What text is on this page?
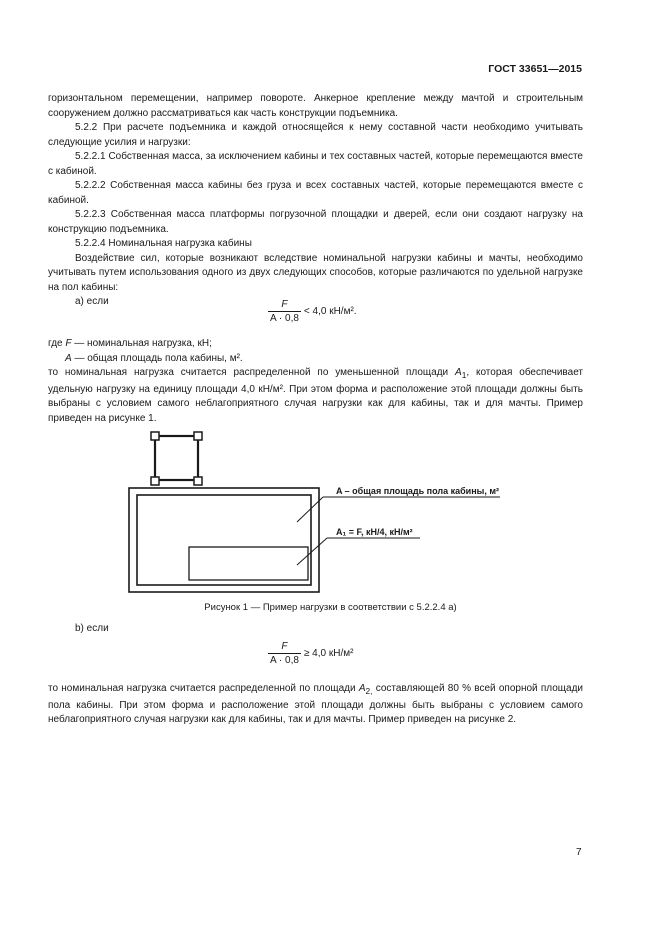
ГОСТ 33651—2015

горизонтальном перемещении, например повороте. Анкерное крепление между мачтой и строительным сооружением должно рассматриваться как часть конструкции подъемника.

5.2.2 При расчете подъемника и каждой относящейся к нему составной части необходимо учитывать следующие усилия и нагрузки:

5.2.2.1 Собственная масса, за исключением кабины и тех составных частей, которые перемещаются вместе с кабиной.

5.2.2.2 Собственная масса кабины без груза и всех составных частей, которые перемещаются вместе с кабиной.

5.2.2.3 Собственная масса платформы погрузочной площадки и дверей, если они создают нагрузку на конструкцию подъемника.

5.2.2.4 Номинальная нагрузка кабины

Воздействие сил, которые возникают вследствие номинальной нагрузки кабины и мачты, необходимо учитывать путем использования одного из двух следующих способов, которые различаются по удельной нагрузке на пол кабины:

а) если	$\frac{F}{A \cdot 0,8} < 4,0$ кН/м².

где F — номинальная нагрузка, кН;

A — общая площадь пола кабины, м².

то номинальная нагрузка считается распределенной по уменьшенной площади $A_1$, которая обеспечивает удельную нагрузку на единицу площади 4,0 кН/м². При этом форма и расположение этой площади должны быть выбраны с условием самого неблагоприятного случая нагрузки как для кабины, так и для мачты. Пример приведен на рисунке 1.

A – общая площадь пола кабины, м²
A₁ = F, кН/4, кН/м²
Рисунок 1 — Пример нагрузки в соответствии с 5.2.2.4 а)
b) если
$\frac{F}{A \cdot 0,8} \ge 4,0$ кН/м²

то номинальная нагрузка считается распределенной по площади $A_{2,}$ составляющей 80 % всей опорной площади пола кабины. При этом форма и расположение этой площади должны быть выбраны с условием самого неблагоприятного случая нагрузки как для кабины, так и для мачты. Пример приведен на рисунке 2.

7
